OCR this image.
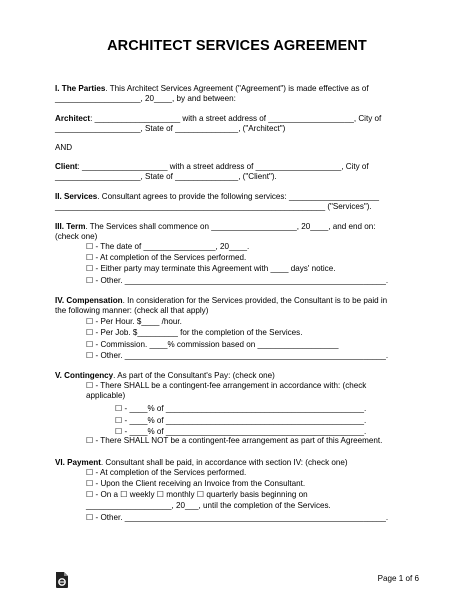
ARCHITECT SERVICES AGREEMENT
I. The Parties. This Architect Services Agreement ("Agreement") is made effective as of
___________________, 20____, by and between:
Architect: ___________________ with a street address of ___________________, City of
___________________, State of ______________, ("Architect")
AND
Client: ___________________ with a street address of ___________________, City of
___________________, State of ______________, ("Client").
II. Services. Consultant agrees to provide the following services: ____________________
____________________________________________________________ ("Services").
III. Term. The Services shall commence on ___________________, 20____, and end on:
(check one)
☐ - The date of ________________, 20____.
☐ - At completion of the Services performed.
☐ - Either party may terminate this Agreement with ____ days' notice.
☐ - Other. __________________________________________________________.
IV. Compensation. In consideration for the Services provided, the Consultant is to be paid in
the following manner: (check all that apply)
☐ - Per Hour. $____ /hour.
☐ - Per Job. $_________ for the completion of the Services.
☐ - Commission. ____% commission based on __________________
☐ - Other. __________________________________________________________.
V. Contingency. As part of the Consultant's Pay: (check one)
☐ - There SHALL be a contingent-fee arrangement in accordance with: (check
applicable)
☐ - ____% of ____________________________________________.
☐ - ____% of ____________________________________________.
☐ - ____% of ____________________________________________.
☐ - There SHALL NOT be a contingent-fee arrangement as part of this Agreement.
VI. Payment. Consultant shall be paid, in accordance with section IV: (check one)
☐ - At completion of the Services performed.
☐ - Upon the Client receiving an Invoice from the Consultant.
☐ - On a ☐ weekly ☐ monthly ☐ quarterly basis beginning on
___________________, 20___, until the completion of the Services.
☐ - Other. __________________________________________________________.
Page 1 of 6
